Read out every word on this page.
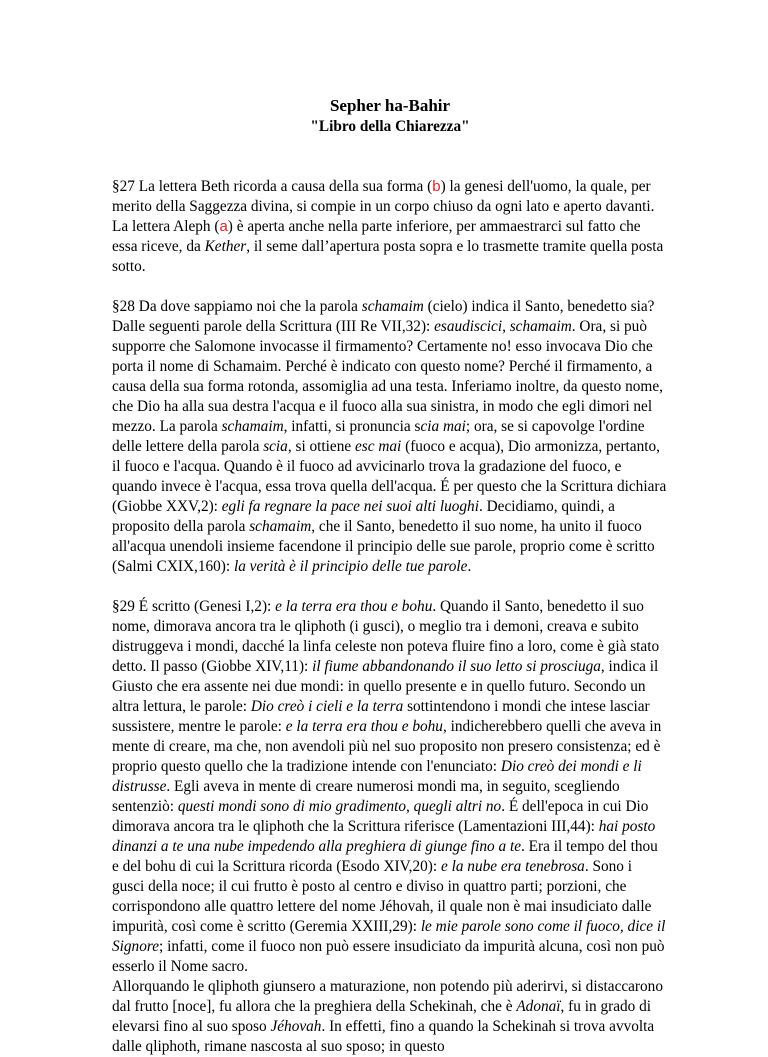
Sepher ha-Bahir
"Libro della Chiarezza"

§27 La lettera Beth ricorda a causa della sua forma (b) la genesi dell'uomo, la quale, per merito della Saggezza divina, si compie in un corpo chiuso da ogni lato e aperto davanti. La lettera Aleph (a) è aperta anche nella parte inferiore, per ammaestrarci sul fatto che essa riceve, da Kether, il seme dall’apertura posta sopra e lo trasmette tramite quella posta sotto.

§28 Da dove sappiamo noi che la parola schamaim (cielo) indica il Santo, benedetto sia? Dalle seguenti parole della Scrittura (III Re VII,32): esaudiscici, schamaim. Ora, si può supporre che Salomone invocasse il firmamento? Certamente no! esso invocava Dio che porta il nome di Schamaim. Perché è indicato con questo nome? Perché il firmamento, a causa della sua forma rotonda, assomiglia ad una testa. Inferiamo inoltre, da questo nome, che Dio ha alla sua destra l'acqua e il fuoco alla sua sinistra, in modo che egli dimori nel mezzo. La parola schamaim, infatti, si pronuncia scia mai; ora, se si capovolge l'ordine delle lettere della parola scia, si ottiene esc mai (fuoco e acqua), Dio armonizza, pertanto, il fuoco e l'acqua. Quando è il fuoco ad avvicinarlo trova la gradazione del fuoco, e quando invece è l'acqua, essa trova quella dell'acqua. É per questo che la Scrittura dichiara (Giobbe XXV,2): egli fa regnare la pace nei suoi alti luoghi. Decidiamo, quindi, a proposito della parola schamaim, che il Santo, benedetto il suo nome, ha unito il fuoco all'acqua unendoli insieme facendone il principio delle sue parole, proprio come è scritto (Salmi CXIX,160): la verità è il principio delle tue parole.

§29 É scritto (Genesi I,2): e la terra era thou e bohu. Quando il Santo, benedetto il suo nome, dimorava ancora tra le qliphoth (i gusci), o meglio tra i demoni, creava e subito distruggeva i mondi, dacché la linfa celeste non poteva fluire fino a loro, come è già stato detto. Il passo (Giobbe XIV,11): il fiume abbandonando il suo letto si prosciuga, indica il Giusto che era assente nei due mondi: in quello presente e in quello futuro. Secondo un altra lettura, le parole: Dio creò i cieli e la terra sottintendono i mondi che intese lasciar sussistere, mentre le parole: e la terra era thou e bohu, indicherebbero quelli che aveva in mente di creare, ma che, non avendoli più nel suo proposito non presero consistenza; ed è proprio questo quello che la tradizione intende con l'enunciato: Dio creò dei mondi e li distrusse. Egli aveva in mente di creare numerosi mondi ma, in seguito, scegliendo sentenziò: questi mondi sono di mio gradimento, quegli altri no. É dell'epoca in cui Dio dimorava ancora tra le qliphoth che la Scrittura riferisce (Lamentazioni III,44): hai posto dinanzi a te una nube impedendo alla preghiera di giunge fino a te. Era il tempo del thou e del bohu di cui la Scrittura ricorda (Esodo XIV,20): e la nube era tenebrosa. Sono i gusci della noce; il cui frutto è posto al centro e diviso in quattro parti; porzioni, che corrispondono alle quattro lettere del nome Jéhovah, il quale non è mai insudiciato dalle impurità, così come è scritto (Geremia XXIII,29): le mie parole sono come il fuoco, dice il Signore; infatti, come il fuoco non può essere insudiciato da impurità alcuna, così non può esserlo il Nome sacro.
Allorquando le qliphoth giunsero a maturazione, non potendo più aderirvi, si distaccarono dal frutto [noce], fu allora che la preghiera della Schekinah, che è Adonaï, fu in grado di elevarsi fino al suo sposo Jéhovah. In effetti, fino a quando la Schekinah si trova avvolta dalle qliphoth, rimane nascosta al suo sposo; in questo
